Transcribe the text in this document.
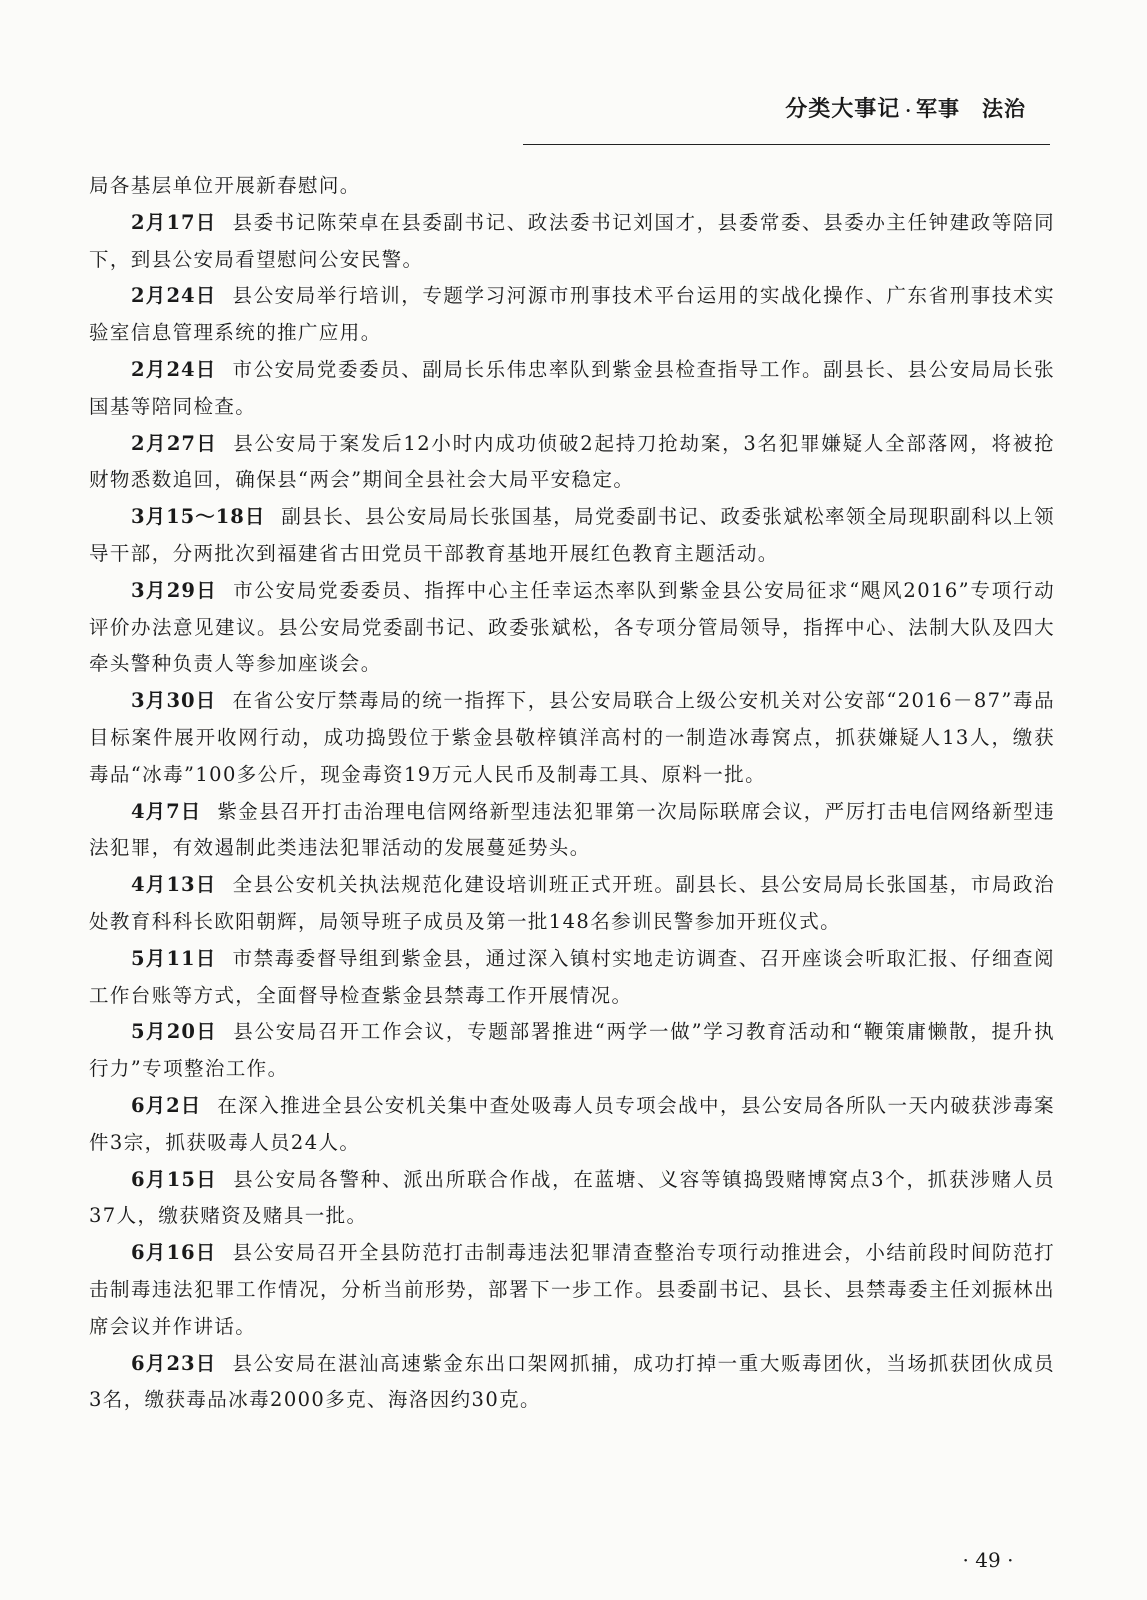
分类大事记 · 军事　法治

局各基层单位开展新春慰问。

2月17日 县委书记陈荣卓在县委副书记、政法委书记刘国才，县委常委、县委办主任钟建政等陪同下，到县公安局看望慰问公安民警。

2月24日 县公安局举行培训，专题学习河源市刑事技术平台运用的实战化操作、广东省刑事技术实验室信息管理系统的推广应用。

2月24日 市公安局党委委员、副局长乐伟忠率队到紫金县检查指导工作。副县长、县公安局局长张国基等陪同检查。

2月27日 县公安局于案发后12小时内成功侦破2起持刀抢劫案，3名犯罪嫌疑人全部落网，将被抢财物悉数追回，确保县“两会”期间全县社会大局平安稳定。

3月15～18日 副县长、县公安局局长张国基，局党委副书记、政委张斌松率领全局现职副科以上领导干部，分两批次到福建省古田党员干部教育基地开展红色教育主题活动。

3月29日 市公安局党委委员、指挥中心主任幸运杰率队到紫金县公安局征求“飓风2016”专项行动评价办法意见建议。县公安局党委副书记、政委张斌松，各专项分管局领导，指挥中心、法制大队及四大牵头警种负责人等参加座谈会。

3月30日 在省公安厅禁毒局的统一指挥下，县公安局联合上级公安机关对公安部“2016－87”毒品目标案件展开收网行动，成功捣毁位于紫金县敬梓镇洋高村的一制造冰毒窝点，抓获嫌疑人13人，缴获毒品“冰毒”100多公斤，现金毒资19万元人民币及制毒工具、原料一批。

4月7日 紫金县召开打击治理电信网络新型违法犯罪第一次局际联席会议，严厉打击电信网络新型违法犯罪，有效遏制此类违法犯罪活动的发展蔓延势头。

4月13日 全县公安机关执法规范化建设培训班正式开班。副县长、县公安局局长张国基，市局政治处教育科科长欧阳朝辉，局领导班子成员及第一批148名参训民警参加开班仪式。

5月11日 市禁毒委督导组到紫金县，通过深入镇村实地走访调查、召开座谈会听取汇报、仔细查阅工作台账等方式，全面督导检查紫金县禁毒工作开展情况。

5月20日 县公安局召开工作会议，专题部署推进“两学一做”学习教育活动和“鞭策庸懒散，提升执行力”专项整治工作。

6月2日 在深入推进全县公安机关集中查处吸毒人员专项会战中，县公安局各所队一天内破获涉毒案件3宗，抓获吸毒人员24人。

6月15日 县公安局各警种、派出所联合作战，在蓝塘、义容等镇捣毁赌博窝点3个，抓获涉赌人员37人，缴获赌资及赌具一批。

6月16日 县公安局召开全县防范打击制毒违法犯罪清查整治专项行动推进会，小结前段时间防范打击制毒违法犯罪工作情况，分析当前形势，部署下一步工作。县委副书记、县长、县禁毒委主任刘振林出席会议并作讲话。

6月23日 县公安局在湛汕高速紫金东出口架网抓捕，成功打掉一重大贩毒团伙，当场抓获团伙成员3名，缴获毒品冰毒2000多克、海洛因约30克。

· 49 ·
